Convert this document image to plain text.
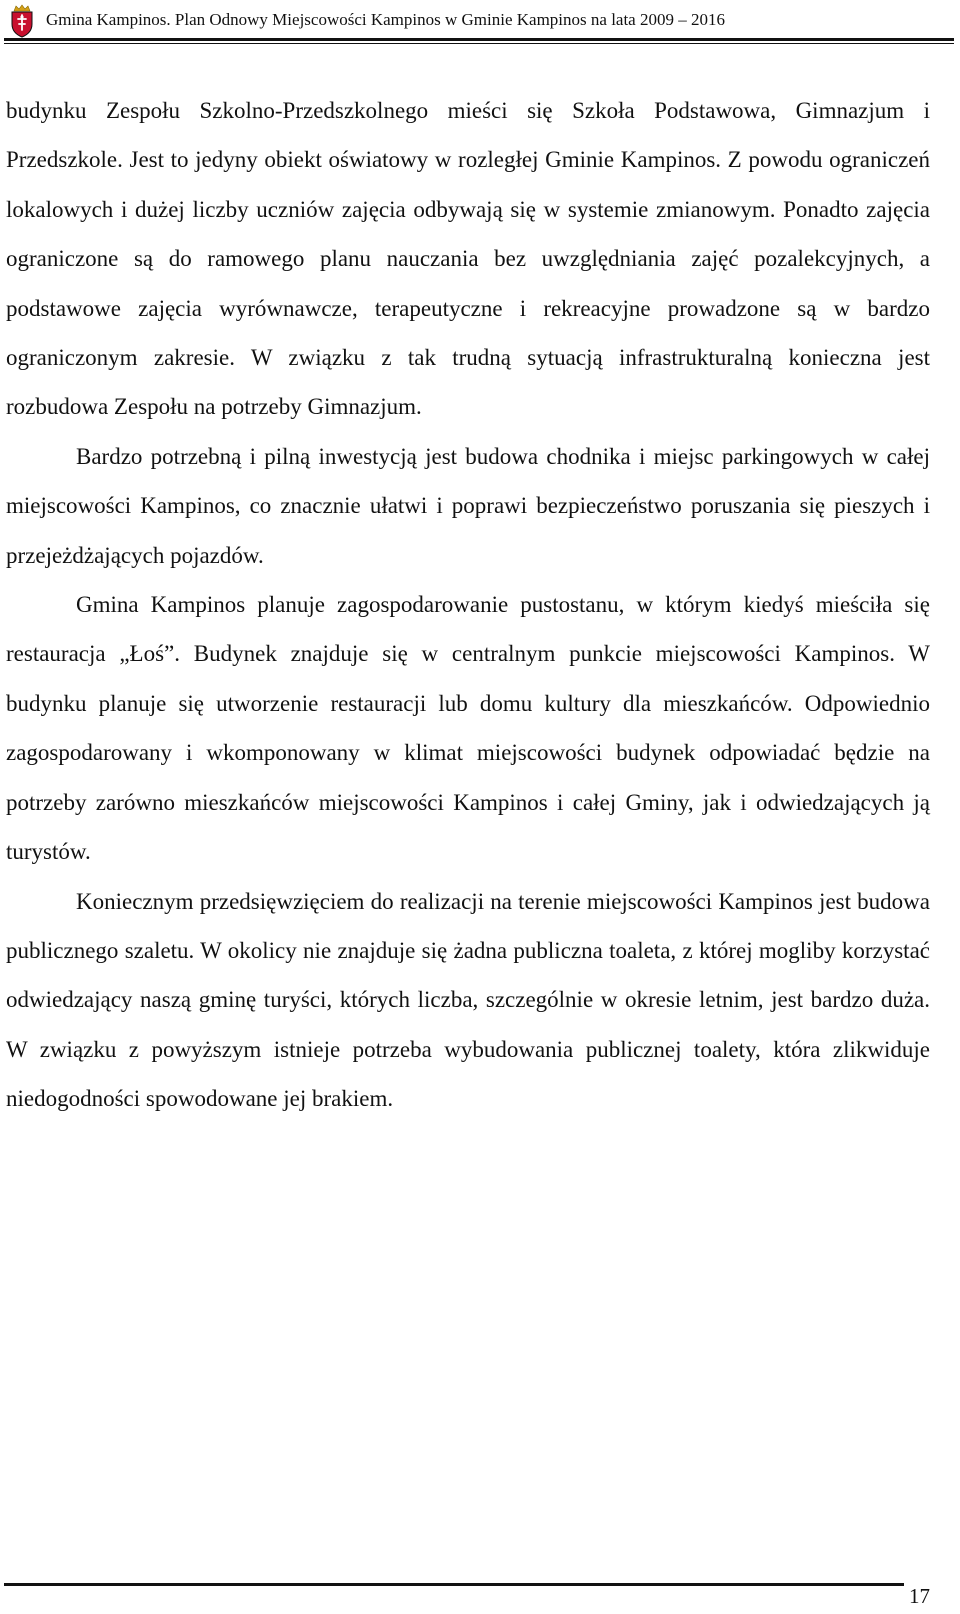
Gmina Kampinos. Plan Odnowy Miejscowości Kampinos w Gminie Kampinos na lata 2009 – 2016

budynku Zespołu Szkolno-Przedszkolnego mieści się Szkoła Podstawowa, Gimnazjum i Przedszkole. Jest to jedyny obiekt oświatowy w rozległej Gminie Kampinos. Z powodu ograniczeń lokalowych i dużej liczby uczniów zajęcia odbywają się w systemie zmianowym. Ponadto zajęcia ograniczone są do ramowego planu nauczania bez uwzględniania zajęć pozalekcyjnych, a podstawowe zajęcia wyrównawcze, terapeutyczne i rekreacyjne prowadzone są w bardzo ograniczonym zakresie. W związku z tak trudną sytuacją infrastrukturalną konieczna jest rozbudowa Zespołu na potrzeby Gimnazjum.

Bardzo potrzebną i pilną inwestycją jest budowa chodnika i miejsc parkingowych w całej miejscowości Kampinos, co znacznie ułatwi i poprawi bezpieczeństwo poruszania się pieszych i przejeżdżających pojazdów.

Gmina Kampinos planuje zagospodarowanie pustostanu, w którym kiedyś mieściła się restauracja „Łoś”. Budynek znajduje się w centralnym punkcie miejscowości Kampinos. W budynku planuje się utworzenie restauracji lub domu kultury dla mieszkańców. Odpowiednio zagospodarowany i wkomponowany w klimat miejscowości budynek odpowiadać będzie na potrzeby zarówno mieszkańców miejscowości Kampinos i całej Gminy, jak i odwiedzających ją turystów.

Koniecznym przedsięwzięciem do realizacji na terenie miejscowości Kampinos jest budowa publicznego szaletu. W okolicy nie znajduje się żadna publiczna toaleta, z której mogliby korzystać odwiedzający naszą gminę turyści, których liczba, szczególnie w okresie letnim, jest bardzo duża. W związku z powyższym istnieje potrzeba wybudowania publicznej toalety, która zlikwiduje niedogodności spowodowane jej brakiem.

17
